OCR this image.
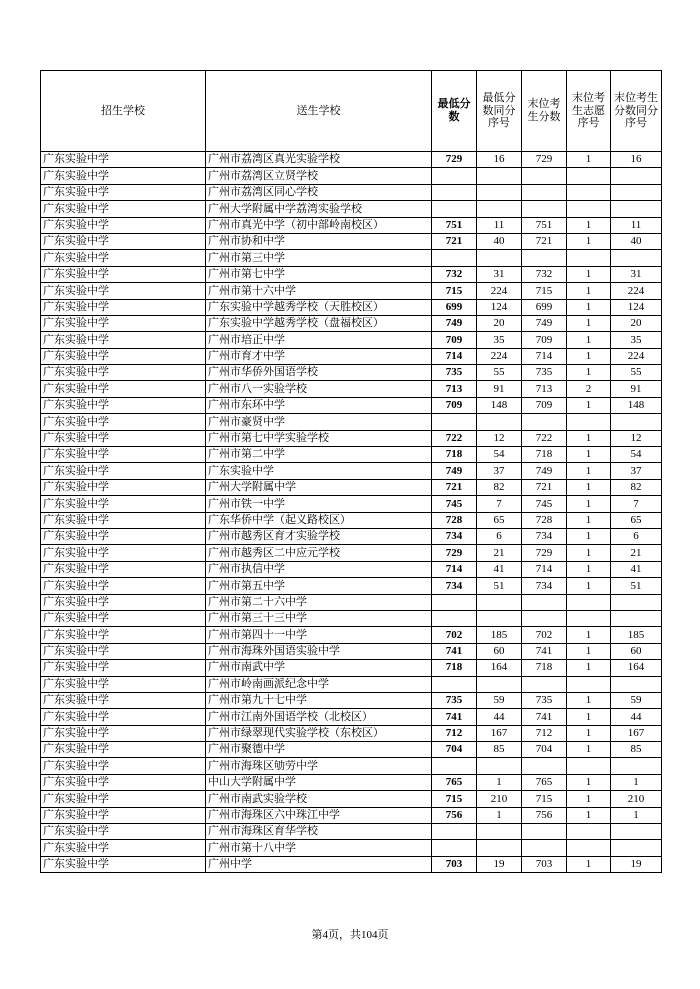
招生学校	送生学校	最低分数	最低分数同分序号	末位考生分数	末位考生志愿序号	末位考生分数同分序号
广东实验中学	广州市荔湾区真光实验学校	729	16	729	1	16
广东实验中学	广州市荔湾区立贤学校					
广东实验中学	广州市荔湾区同心学校					
广东实验中学	广州大学附属中学荔湾实验学校					
广东实验中学	广州市真光中学（初中部岭南校区）	751	11	751	1	11
广东实验中学	广州市协和中学	721	40	721	1	40
广东实验中学	广州市第三中学					
广东实验中学	广州市第七中学	732	31	732	1	31
广东实验中学	广州市第十六中学	715	224	715	1	224
广东实验中学	广东实验中学越秀学校（天胜校区）	699	124	699	1	124
广东实验中学	广东实验中学越秀学校（盘福校区）	749	20	749	1	20
广东实验中学	广州市培正中学	709	35	709	1	35
广东实验中学	广州市育才中学	714	224	714	1	224
广东实验中学	广州市华侨外国语学校	735	55	735	1	55
广东实验中学	广州市八一实验学校	713	91	713	2	91
广东实验中学	广州市东环中学	709	148	709	1	148
广东实验中学	广州市豪贤中学					
广东实验中学	广州市第七中学实验学校	722	12	722	1	12
广东实验中学	广州市第二中学	718	54	718	1	54
广东实验中学	广东实验中学	749	37	749	1	37
广东实验中学	广州大学附属中学	721	82	721	1	82
广东实验中学	广州市铁一中学	745	7	745	1	7
广东实验中学	广东华侨中学（起义路校区）	728	65	728	1	65
广东实验中学	广州市越秀区育才实验学校	734	6	734	1	6
广东实验中学	广州市越秀区二中应元学校	729	21	729	1	21
广东实验中学	广州市执信中学	714	41	714	1	41
广东实验中学	广州市第五中学	734	51	734	1	51
广东实验中学	广州市第二十六中学					
广东实验中学	广州市第三十三中学					
广东实验中学	广州市第四十一中学	702	185	702	1	185
广东实验中学	广州市海珠外国语实验中学	741	60	741	1	60
广东实验中学	广州市南武中学	718	164	718	1	164
广东实验中学	广州市岭南画派纪念中学					
广东实验中学	广州市第九十七中学	735	59	735	1	59
广东实验中学	广州市江南外国语学校（北校区）	741	44	741	1	44
广东实验中学	广州市绿翠现代实验学校（东校区）	712	167	712	1	167
广东实验中学	广州市聚德中学	704	85	704	1	85
广东实验中学	广州市海珠区劬劳中学					
广东实验中学	中山大学附属中学	765	1	765	1	1
广东实验中学	广州市南武实验学校	715	210	715	1	210
广东实验中学	广州市海珠区六中珠江中学	756	1	756	1	1
广东实验中学	广州市海珠区育华学校					
广东实验中学	广州市第十八中学					
广东实验中学	广州中学	703	19	703	1	19
第4页，共104页
